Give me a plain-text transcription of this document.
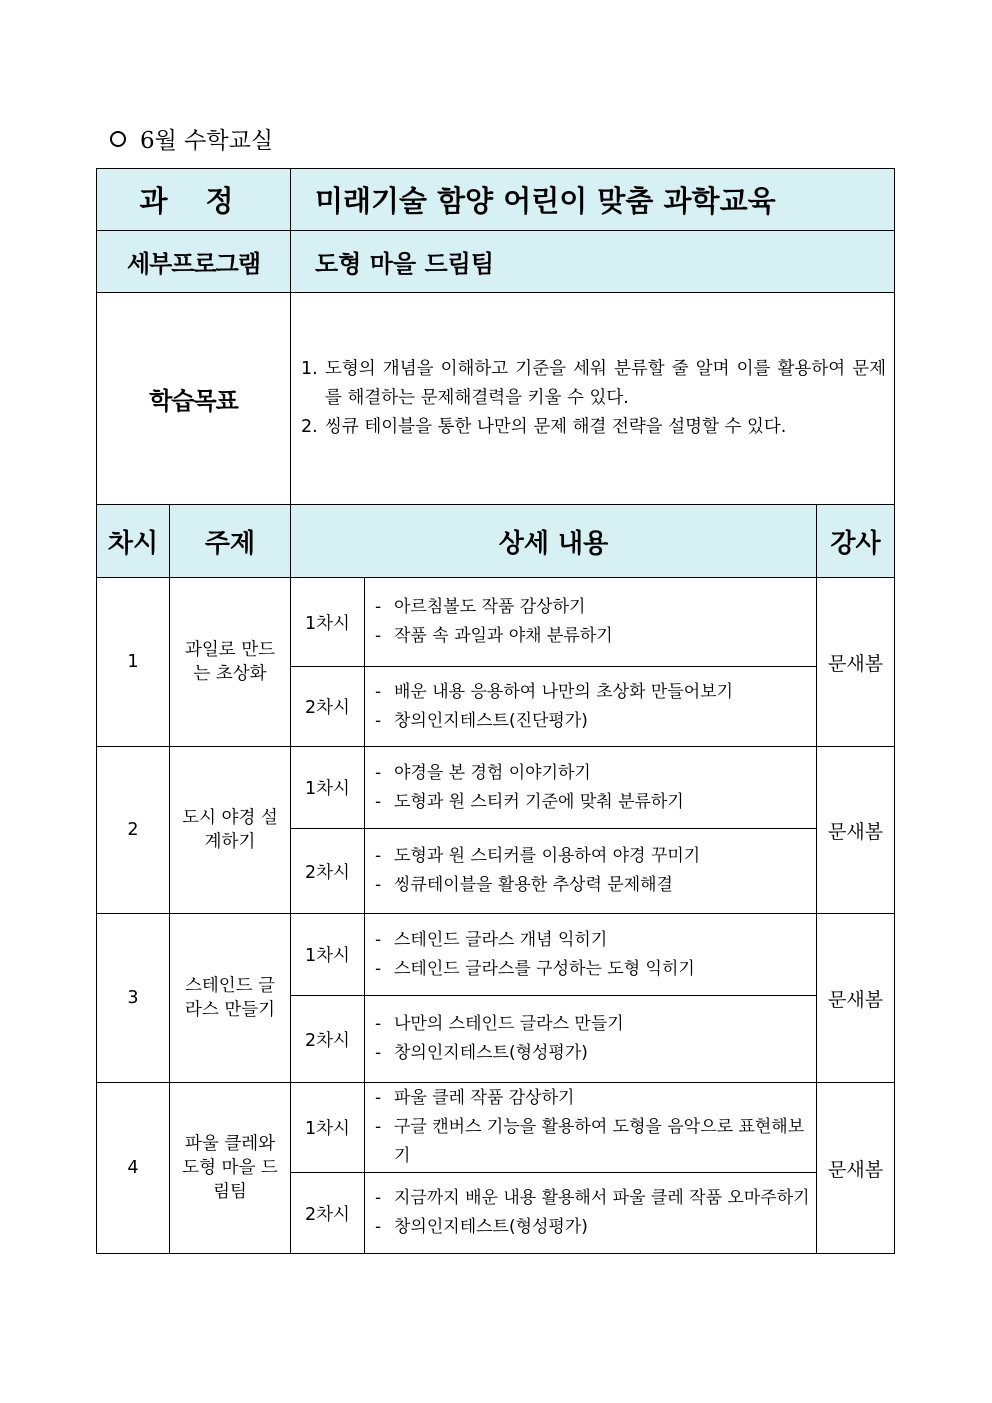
6월 수학교실
과 정		미래기술 함양 어린이 맞춤 과학교육		
세부프로그램		도형 마을 드림팀		
학습목표		1. 도형의 개념을 이해하고 기준을 세워 분류할 줄 알며 이를 활용하여 문제를 해결하는 문제해결력을 키울 수 있다.
2. 씽큐 테이블을 통한 나만의 문제 해결 전략을 설명할 수 있다.		

차시	주제	상세 내용		강사
1	과일로 만드는 초상화	1차시	- 아르침볼도 작품 감상하기
- 작품 속 과일과 야채 분류하기	문새봄
		2차시	- 배운 내용 응용하여 나만의 초상화 만들어보기
- 창의인지테스트(진단평가)	

2	도시 야경 설계하기	1차시	- 야경을 본 경험 이야기하기
- 도형과 원 스티커 기준에 맞춰 분류하기	문새봄
		2차시	- 도형과 원 스티커를 이용하여 야경 꾸미기
- 씽큐테이블을 활용한 추상력 문제해결	

3	스테인드 글라스 만들기	1차시	- 스테인드 글라스 개념 익히기
- 스테인드 글라스를 구성하는 도형 익히기	문새봄
		2차시	- 나만의 스테인드 글라스 만들기
- 창의인지테스트(형성평가)	

4	파울 클레와 도형 마을 드림팀	1차시	- 파울 클레 작품 감상하기
- 구글 캔버스 기능을 활용하여 도형을 음악으로 표현해보기	문새봄
		2차시	- 지금까지 배운 내용 활용해서 파울 클레 작품 오마주하기
- 창의인지테스트(형성평가)	
